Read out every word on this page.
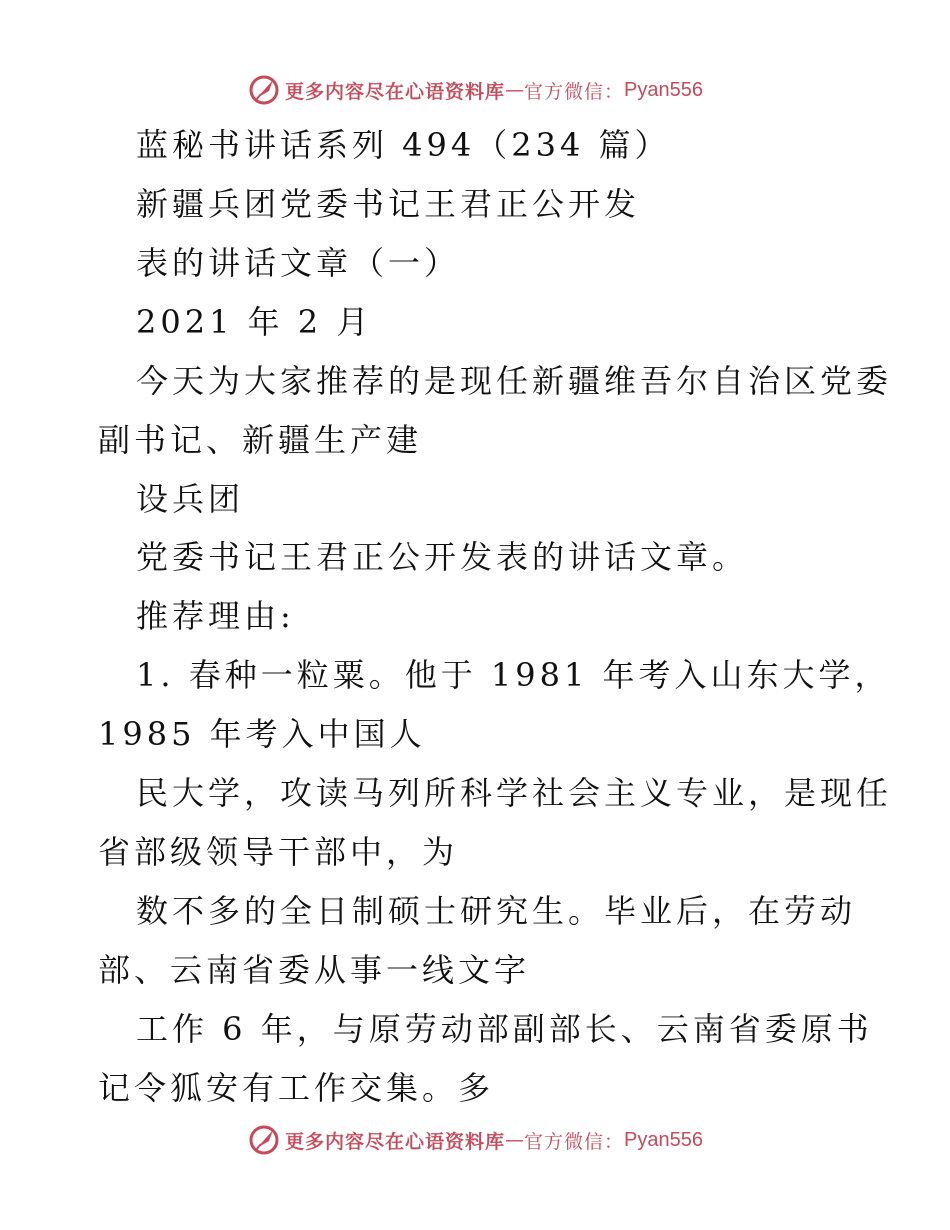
更多内容尽在心语资料库 — 官方微信： Pyan556
蓝秘书讲话系列 494（234 篇）
新疆兵团党委书记王君正公开发
表的讲话文章（一）
2021 年 2 月
今天为大家推荐的是现任新疆维吾尔自治区党委
副书记、新疆生产建
设兵团
党委书记王君正公开发表的讲话文章。
推荐理由:
1. 春种一粒粟。他于 1981 年考入山东大学，
1985 年考入中国人
民大学，攻读马列所科学社会主义专业，是现任
省部级领导干部中，为
数不多的全日制硕士研究生。毕业后，在劳动
部、云南省委从事一线文字
工作 6 年，与原劳动部副部长、云南省委原书
记令狐安有工作交集。多
更多内容尽在心语资料库 — 官方微信： Pyan556
